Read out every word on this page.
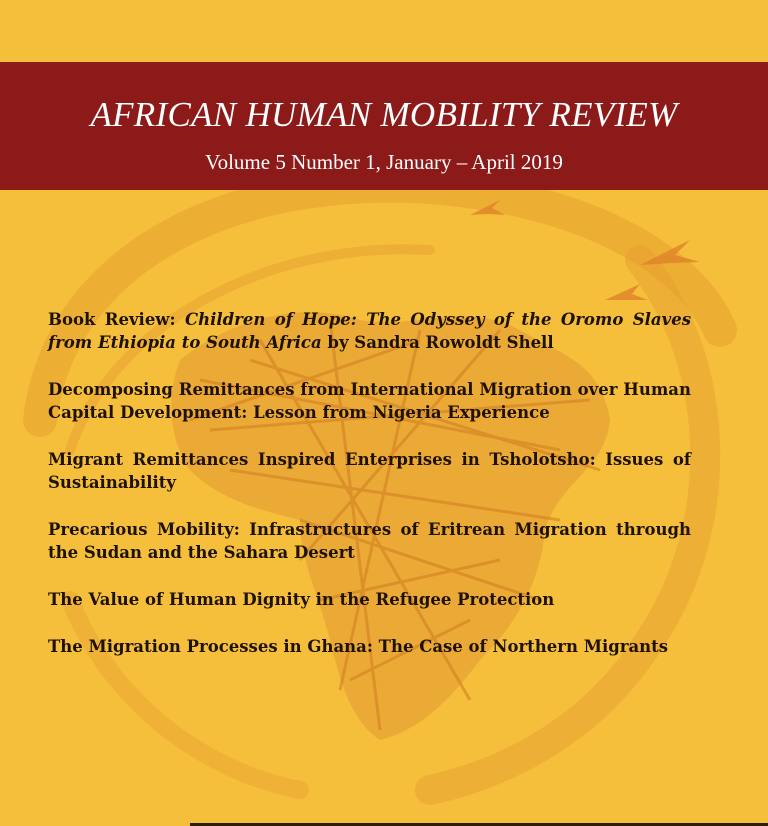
AFRICAN HUMAN MOBILITY REVIEW
Volume 5 Number 1, January – April 2019
Book Review: Children of Hope: The Odyssey of the Oromo Slaves from Ethiopia to South Africa by Sandra Rowoldt Shell
Decomposing Remittances from International Migration over Human Capital Development: Lesson from Nigeria Experience
Migrant Remittances Inspired Enterprises in Tsholotsho: Issues of Sustainability
Precarious Mobility: Infrastructures of Eritrean Migration through the Sudan and the Sahara Desert
The Value of Human Dignity in the Refugee Protection
The Migration Processes in Ghana: The Case of Northern Migrants
